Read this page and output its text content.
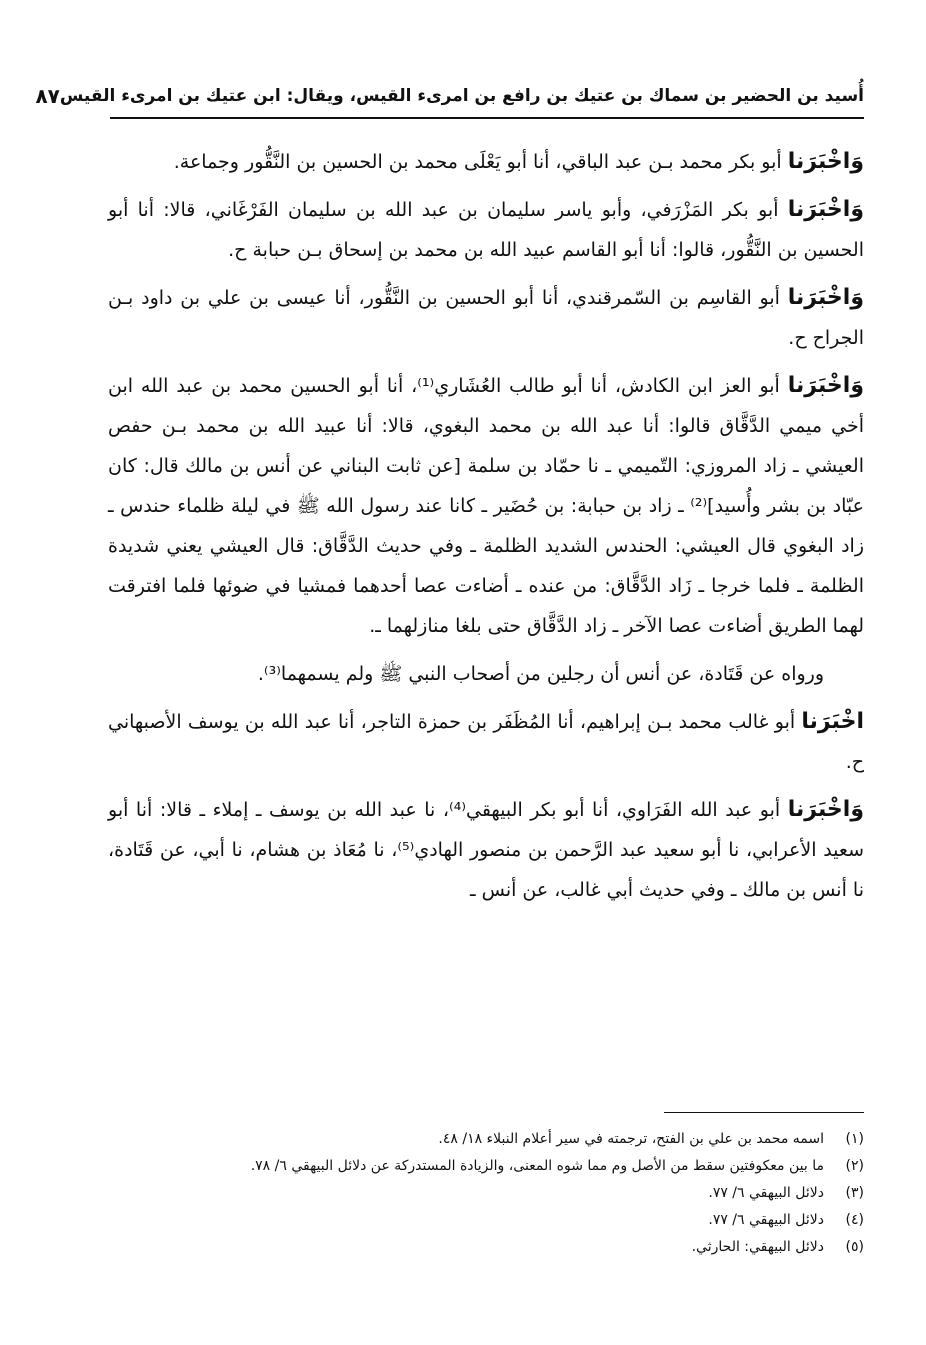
أُسيد بن الحضير بن سماك بن عتيك بن رافع بن امرىء القيس، ويقال: ابن عتيك بن امرىء القيس
٨٧

وَاخْبَرَنا أبو بكر محمد بـن عبد الباقي، أنا أبو يَعْلَى محمد بن الحسين بن النَّقُّور وجماعة.

وَاخْبَرَنا أبو بكر المَزْرَفي، وأبو ياسر سليمان بن عبد الله بن سليمان الفَرْغَاني، قالا: أنا أبو الحسين بن النَّقُّور، قالوا: أنا أبو القاسم عبيد الله بن محمد بن إسحاق بـن حبابة ح.

وَاخْبَرَنا أبو القاسِم بن السّمرقندي، أنا أبو الحسين بن النَّقُّور، أنا عيسى بن علي بن داود بـن الجراح ح.

وَاخْبَرَنا أبو العز ابن الكادش، أنا أبو طالب العُشَاري⁽¹⁾، أنا أبو الحسين محمد بن عبد الله ابن أخي ميمي الدَّقَّاق قالوا: أنا عبد الله بن محمد البغوي، قالا: أنا عبيد الله بن محمد بـن حفص العيشي ـ زاد المروزي: التّميمي ـ نا حمّاد بن سلمة [عن ثابت البناني عن أنس بن مالك قال: كان عبّاد بن بشر وأُسيد]⁽²⁾ ـ زاد بن حبابة: بن حُضَير ـ كانا عند رسول الله ﷺ في ليلة ظلماء حندس ـ زاد البغوي قال العيشي: الحندس الشديد الظلمة ـ وفي حديث الدَّقَّاق: قال العيشي يعني شديدة الظلمة ـ فلما خرجا ـ زَاد الدَّقَّاق: من عنده ـ أضاءت عصا أحدهما فمشيا في ضوئها فلما افترقت لهما الطريق أضاءت عصا الآخر ـ زاد الدَّقَّاق حتى بلغا منازلهما ـ.

ورواه عن قَتَادة، عن أنس أن رجلين من أصحاب النبي ﷺ ولم يسمهما⁽³⁾.

اخْبَرَنا أبو غالب محمد بـن إبراهيم، أنا المُظَفَر بن حمزة التاجر، أنا عبد الله بن يوسف الأصبهاني ح.

وَاخْبَرَنا أبو عبد الله الفَرَاوي، أنا أبو بكر البيهقي⁽⁴⁾، نا عبد الله بن يوسف ـ إملاء ـ قالا: أنا أبو سعيد الأعرابي، نا أبو سعيد عبد الرَّحمن بن منصور الهادي⁽⁵⁾، نا مُعَاذ بن هشام، نا أبي، عن قَتَادة، نا أنس بن مالك ـ وفي حديث أبي غالب، عن أنس ـ

(١)
اسمه محمد بن علي بن الفتح، ترجمته في سير أعلام النبلاء ١٨/ ٤٨.
(٢)
ما بين معكوفتين سقط من الأصل وم مما شوه المعنى، والزيادة المستدركة عن دلائل البيهقي ٦/ ٧٨.
(٣)
دلائل البيهقي ٦/ ٧٧.
(٤)
دلائل البيهقي ٦/ ٧٧.
(٥)
دلائل البيهقي: الحارثي.
